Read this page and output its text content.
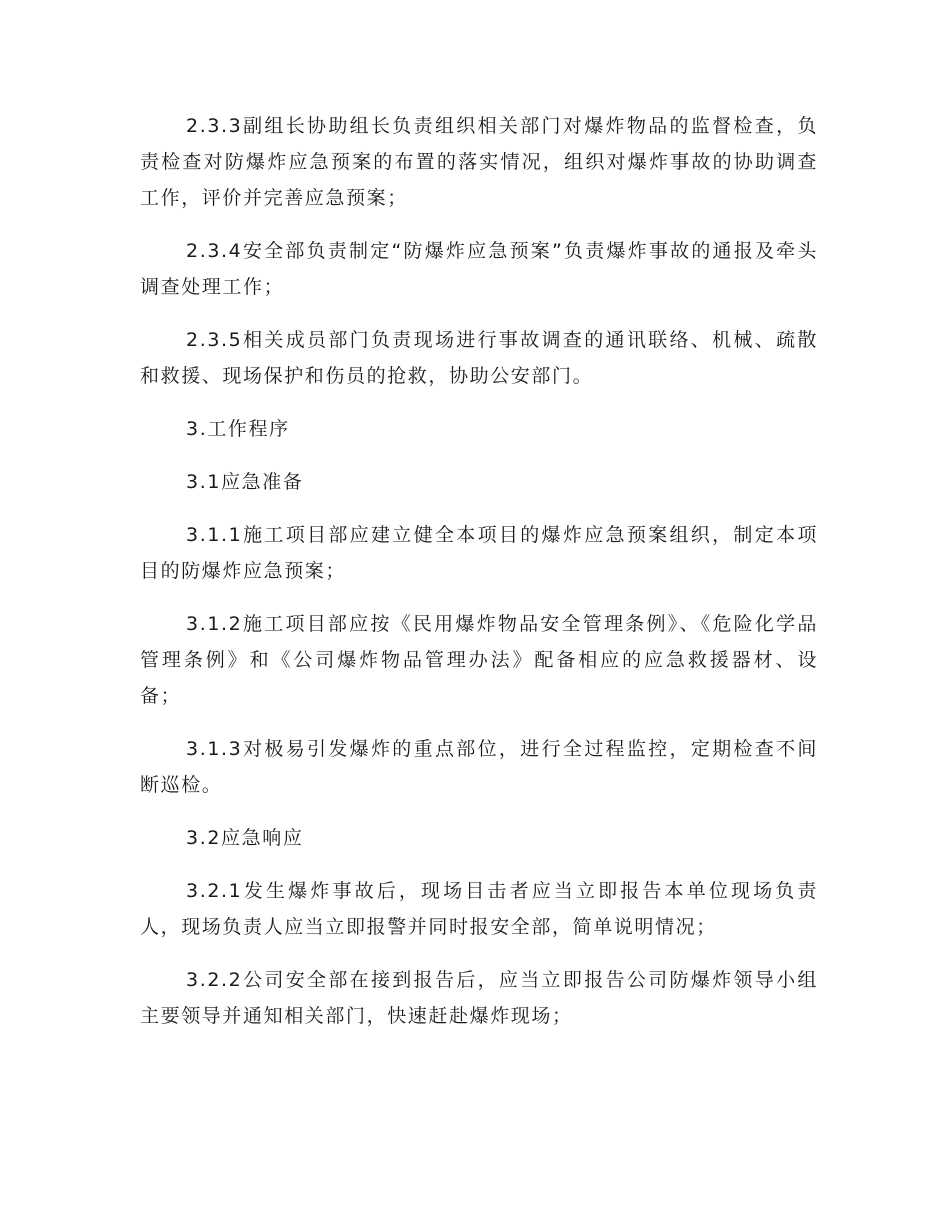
2.3.3副组长协助组长负责组织相关部门对爆炸物品的监督检查，负责检查对防爆炸应急预案的布置的落实情况，组织对爆炸事故的协助调查工作，评价并完善应急预案；

2.3.4安全部负责制定“防爆炸应急预案”负责爆炸事故的通报及牵头调查处理工作；

2.3.5相关成员部门负责现场进行事故调查的通讯联络、机械、疏散和救援、现场保护和伤员的抢救，协助公安部门。

3.工作程序

3.1应急准备

3.1.1施工项目部应建立健全本项目的爆炸应急预案组织，制定本项目的防爆炸应急预案；

3.1.2施工项目部应按《民用爆炸物品安全管理条例》、《危险化学品管理条例》和《公司爆炸物品管理办法》配备相应的应急救援器材、设备；

3.1.3对极易引发爆炸的重点部位，进行全过程监控，定期检查不间断巡检。

3.2应急响应

3.2.1发生爆炸事故后，现场目击者应当立即报告本单位现场负责人，现场负责人应当立即报警并同时报安全部，简单说明情况；

3.2.2公司安全部在接到报告后，应当立即报告公司防爆炸领导小组主要领导并通知相关部门，快速赶赴爆炸现场；
